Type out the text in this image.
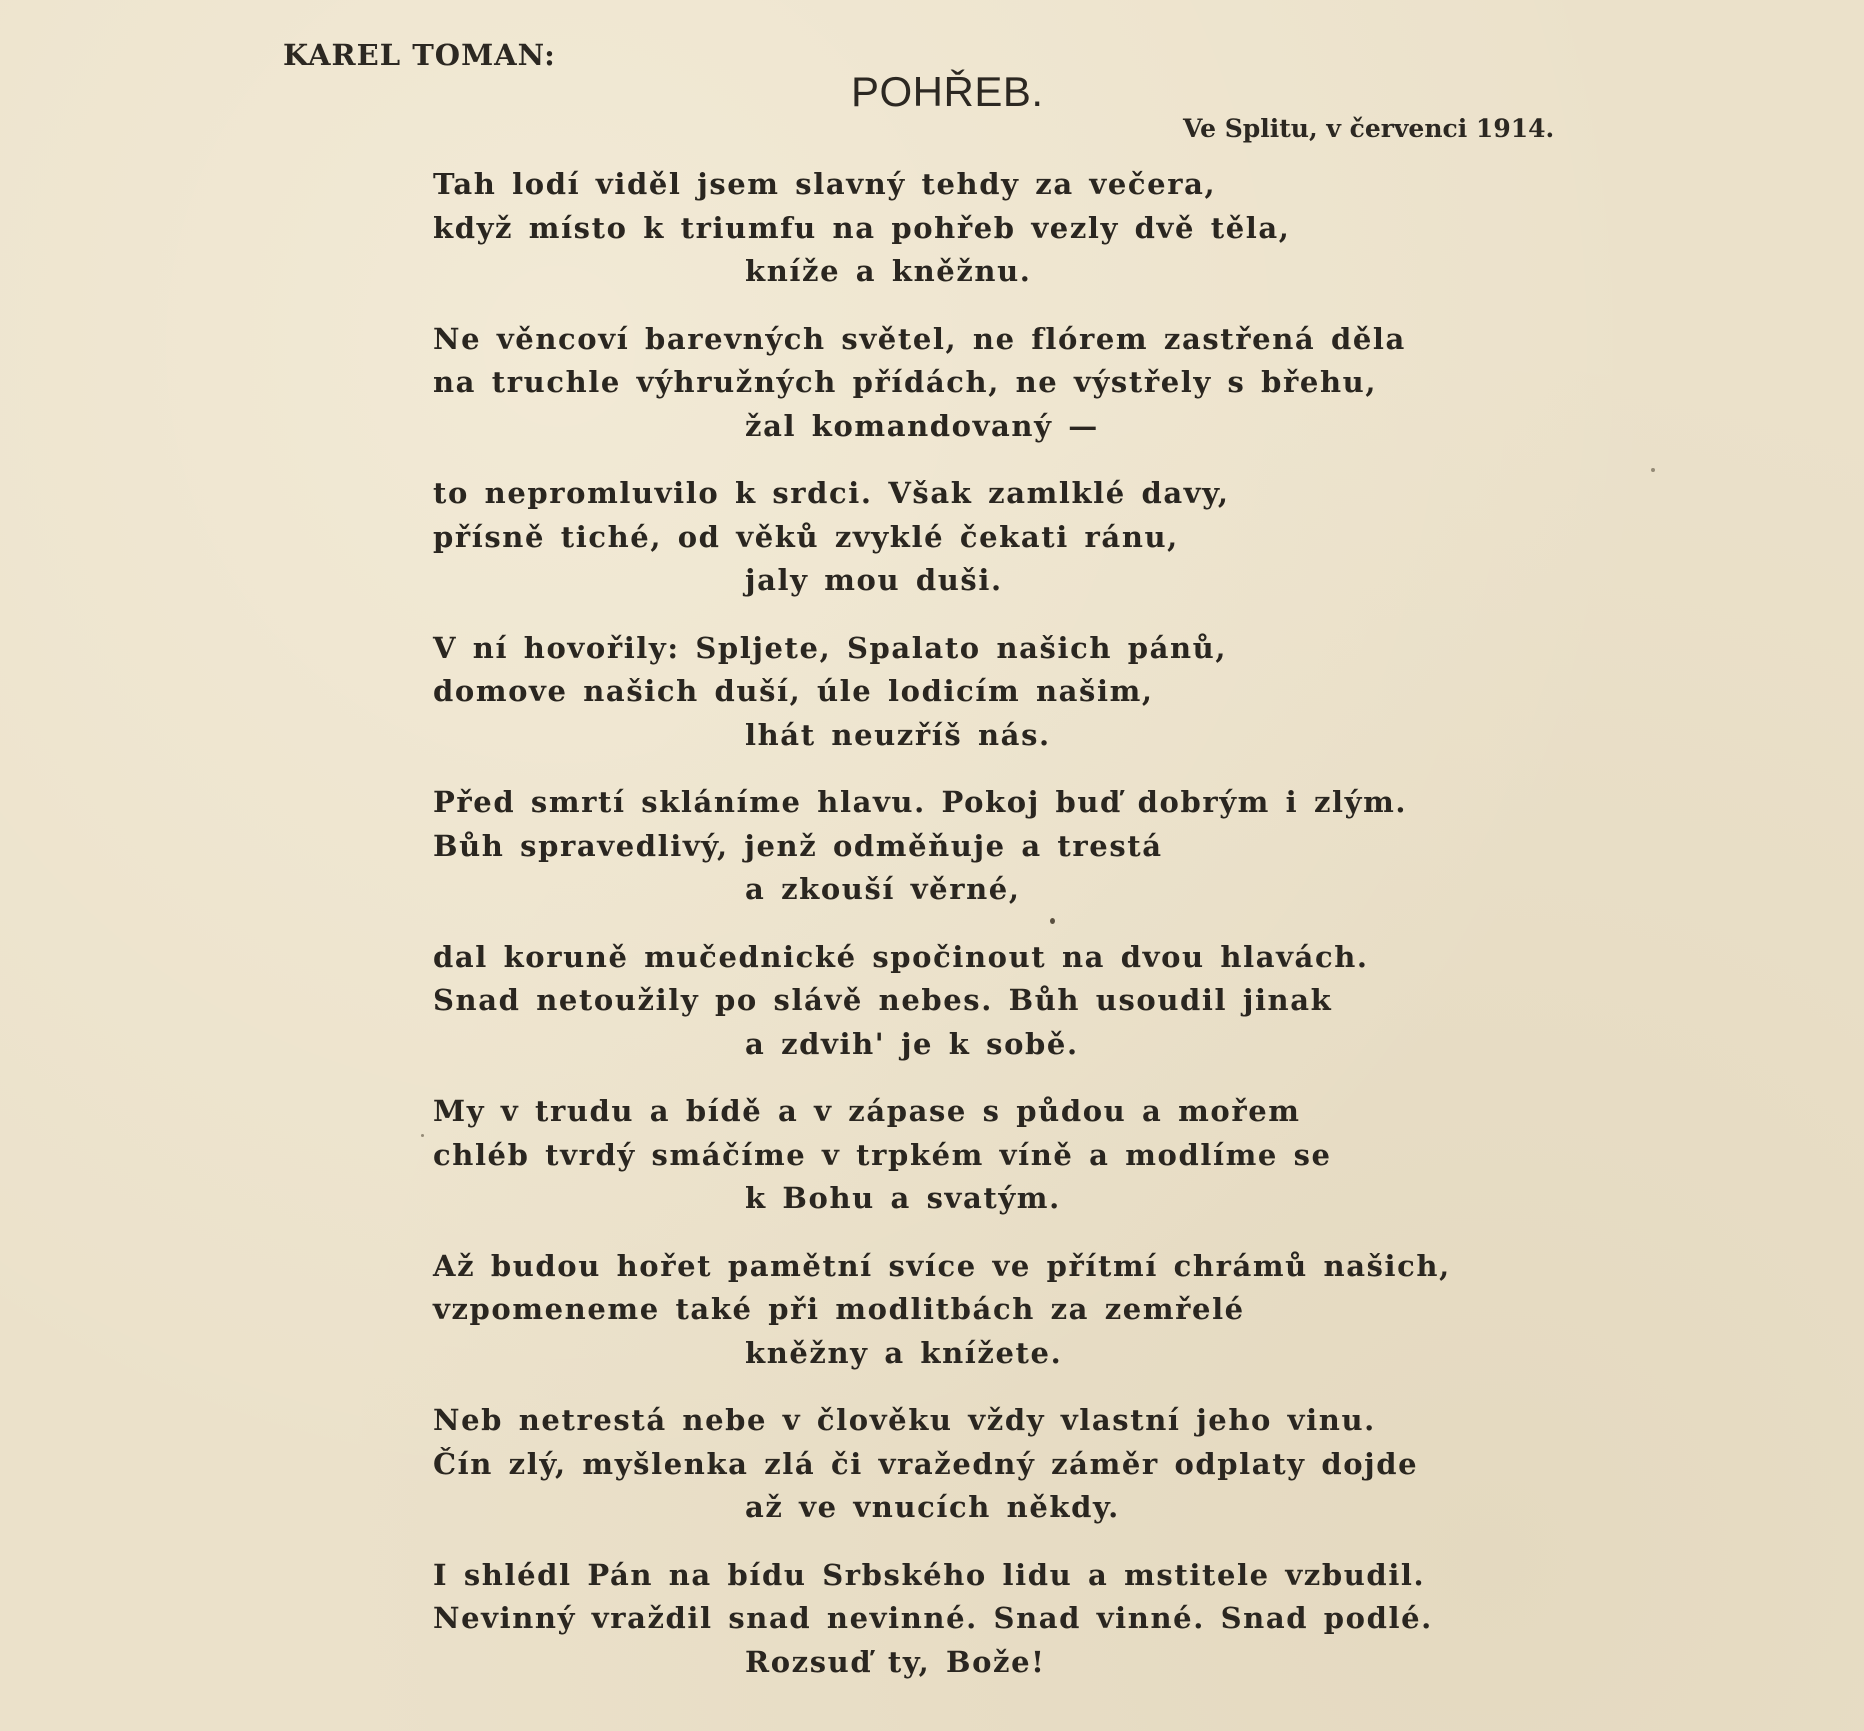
KAREL TOMAN:
POHŘEB.
Ve Splitu, v červenci 1914.
Tah lodí viděl jsem slavný tehdy za večera,
když místo k triumfu na pohřeb vezly dvě těla,
kníže a kněžnu.
Ne věncoví barevných světel, ne flórem zastřená děla
na truchle výhružných přídách, ne výstřely s břehu,
žal komandovaný —
to nepromluvilo k srdci. Však zamlklé davy,
přísně tiché, od věků zvyklé čekati ránu,
jaly mou duši.
V ní hovořily: Spljete, Spalato našich pánů,
domove našich duší, úle lodicím našim,
lhát neuzříš nás.
Před smrtí skláníme hlavu. Pokoj buď dobrým i zlým.
Bůh spravedlivý, jenž odměňuje a trestá
a zkouší věrné,
dal koruně mučednické spočinout na dvou hlavách.
Snad netoužily po slávě nebes. Bůh usoudil jinak
a zdvih' je k sobě.
My v trudu a bídě a v zápase s půdou a mořem
chléb tvrdý smáčíme v trpkém víně a modlíme se
k Bohu a svatým.
Až budou hořet pamětní svíce ve přítmí chrámů našich,
vzpomeneme také při modlitbách za zemřelé
kněžny a knížete.
Neb netrestá nebe v člověku vždy vlastní jeho vinu.
Čín zlý, myšlenka zlá či vražedný záměr odplaty dojde
až ve vnucích někdy.
I shlédl Pán na bídu Srbského lidu a mstitele vzbudil.
Nevinný vraždil snad nevinné. Snad vinné. Snad podlé.
Rozsuď ty, Bože!
